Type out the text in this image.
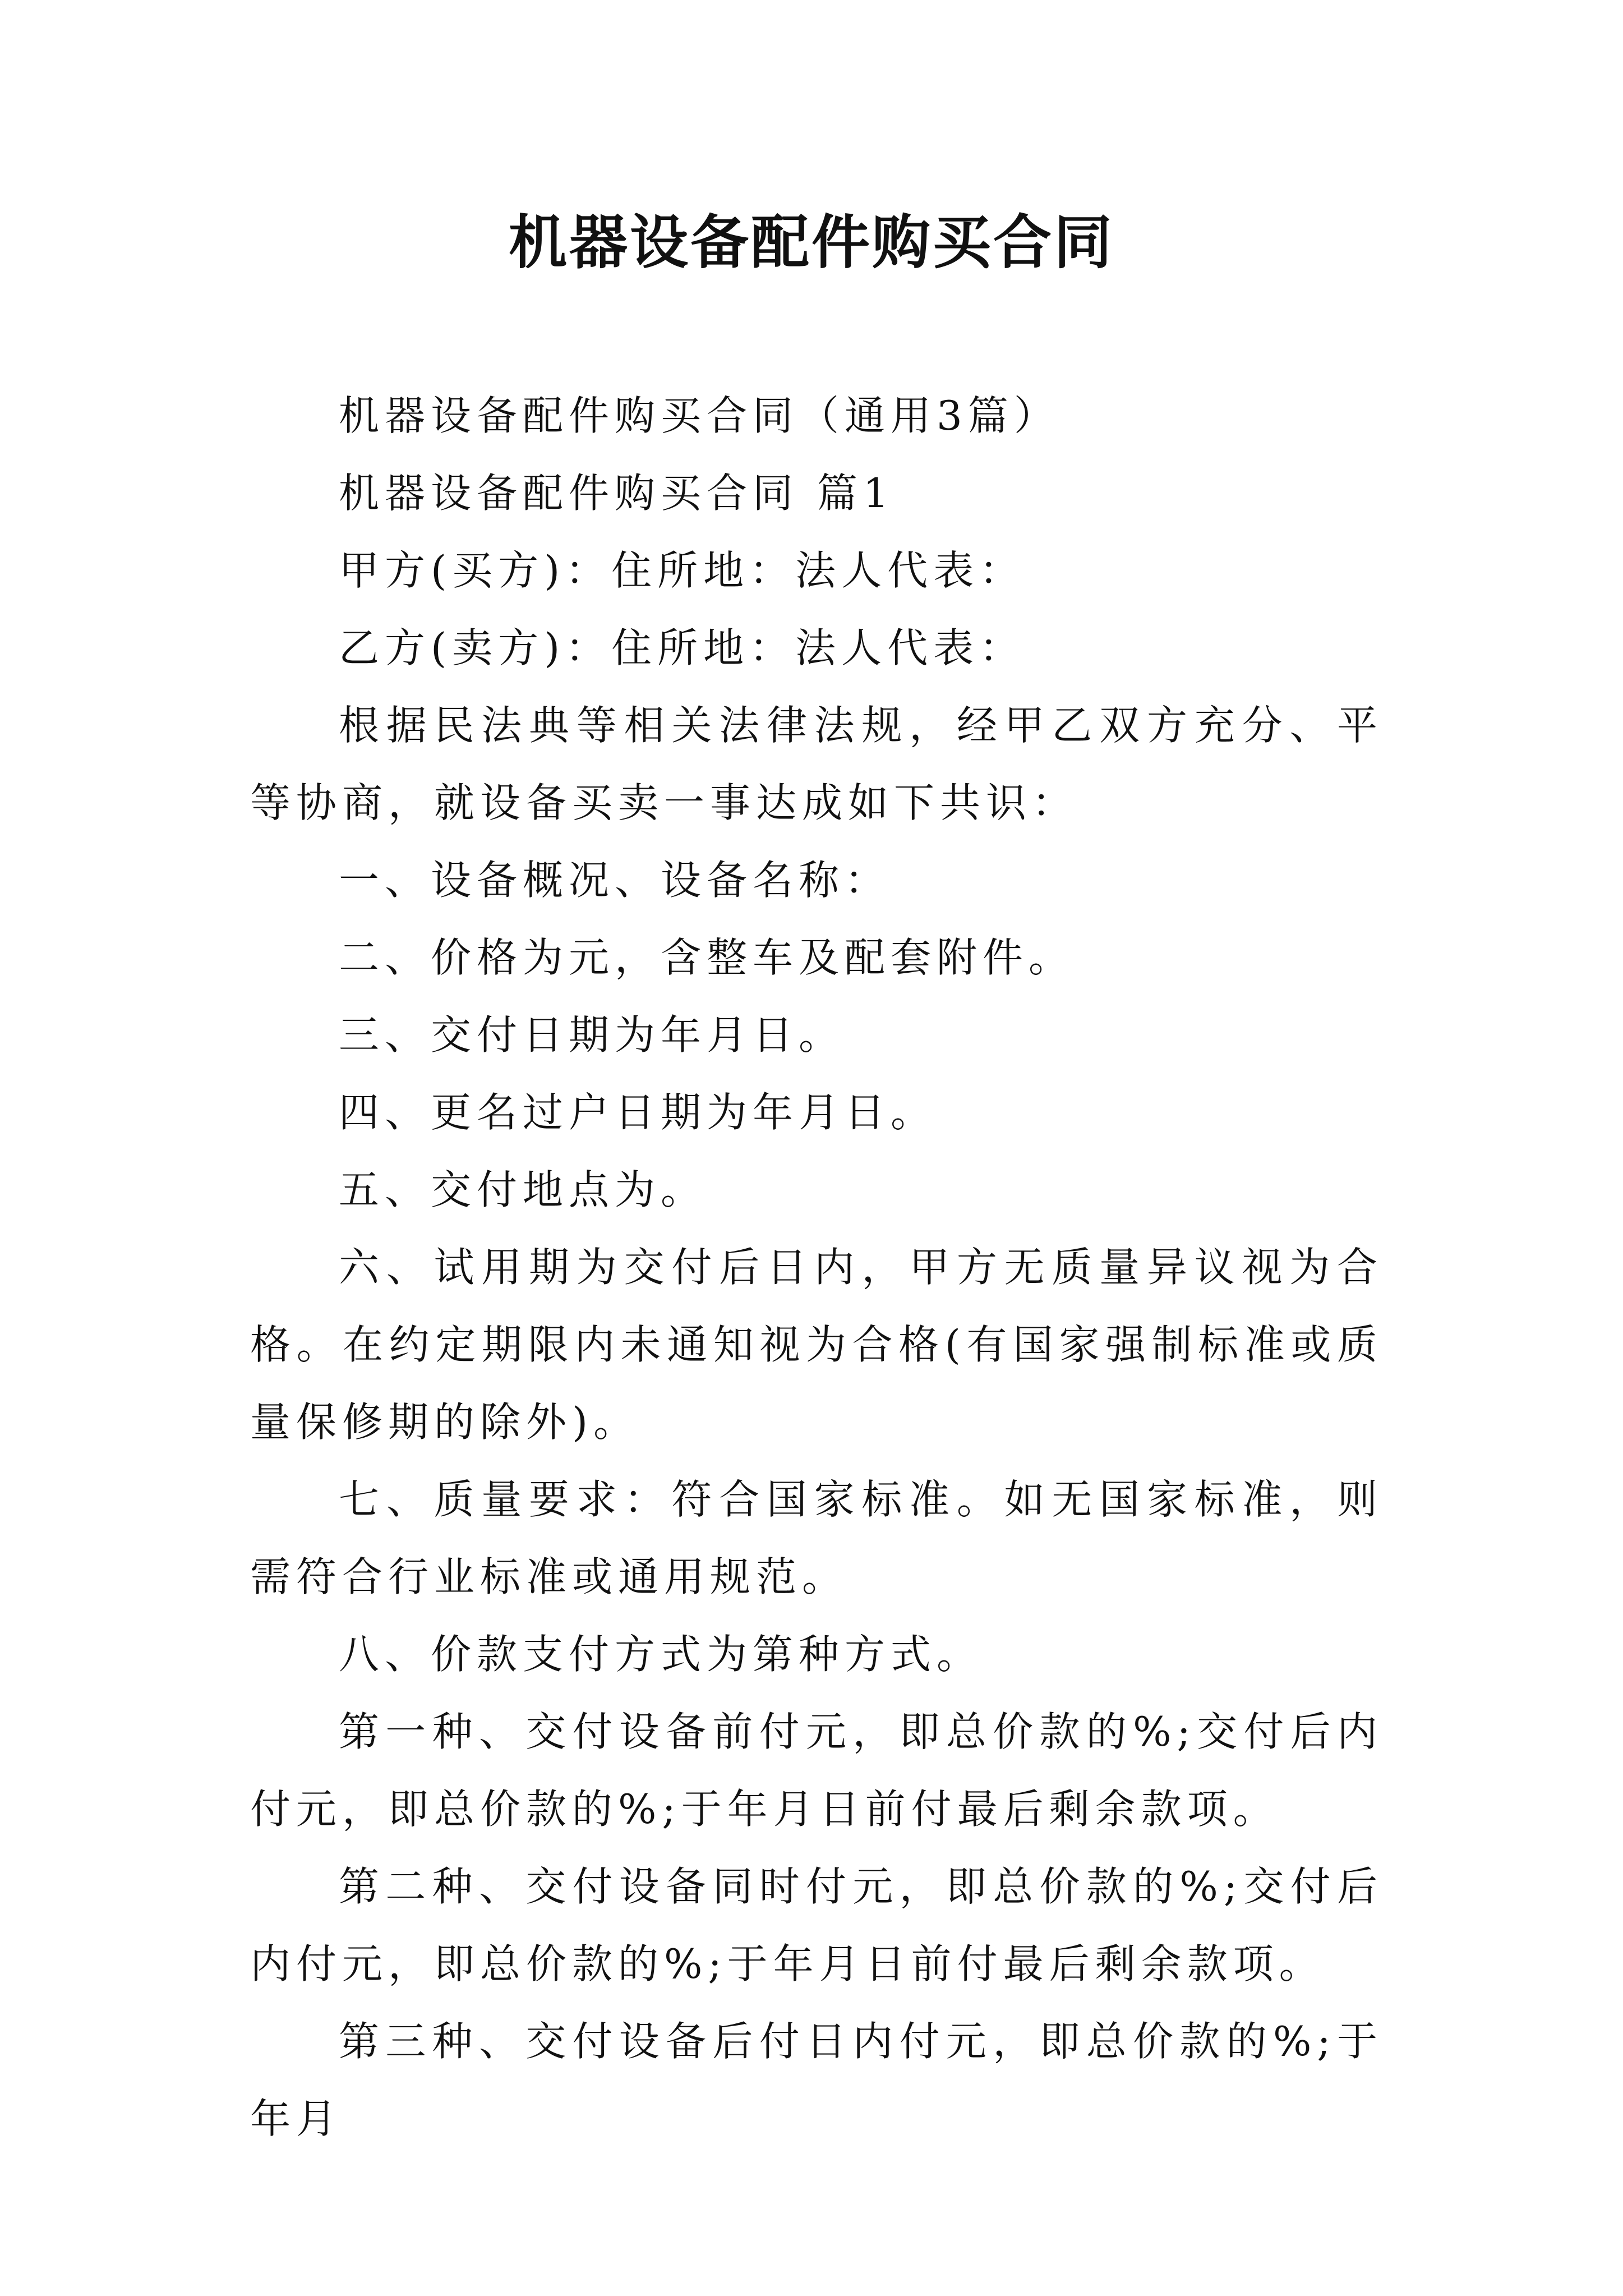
机器设备配件购买合同

机器设备配件购买合同（通用3篇）

机器设备配件购买合同 篇1

甲方(买方)：住所地：法人代表：

乙方(卖方)：住所地：法人代表：

根据民法典等相关法律法规，经甲乙双方充分、平等协商，就设备买卖一事达成如下共识：

一、设备概况、设备名称：

二、价格为元，含整车及配套附件。

三、交付日期为年月日。

四、更名过户日期为年月日。

五、交付地点为。

六、试用期为交付后日内，甲方无质量异议视为合格。在约定期限内未通知视为合格(有国家强制标准或质量保修期的除外)。

七、质量要求：符合国家标准。如无国家标准，则需符合行业标准或通用规范。

八、价款支付方式为第种方式。

第一种、交付设备前付元，即总价款的%;交付后内付元，即总价款的%;于年月日前付最后剩余款项。

第二种、交付设备同时付元，即总价款的%;交付后内付元，即总价款的%;于年月日前付最后剩余款项。

第三种、交付设备后付日内付元，即总价款的%;于年月
